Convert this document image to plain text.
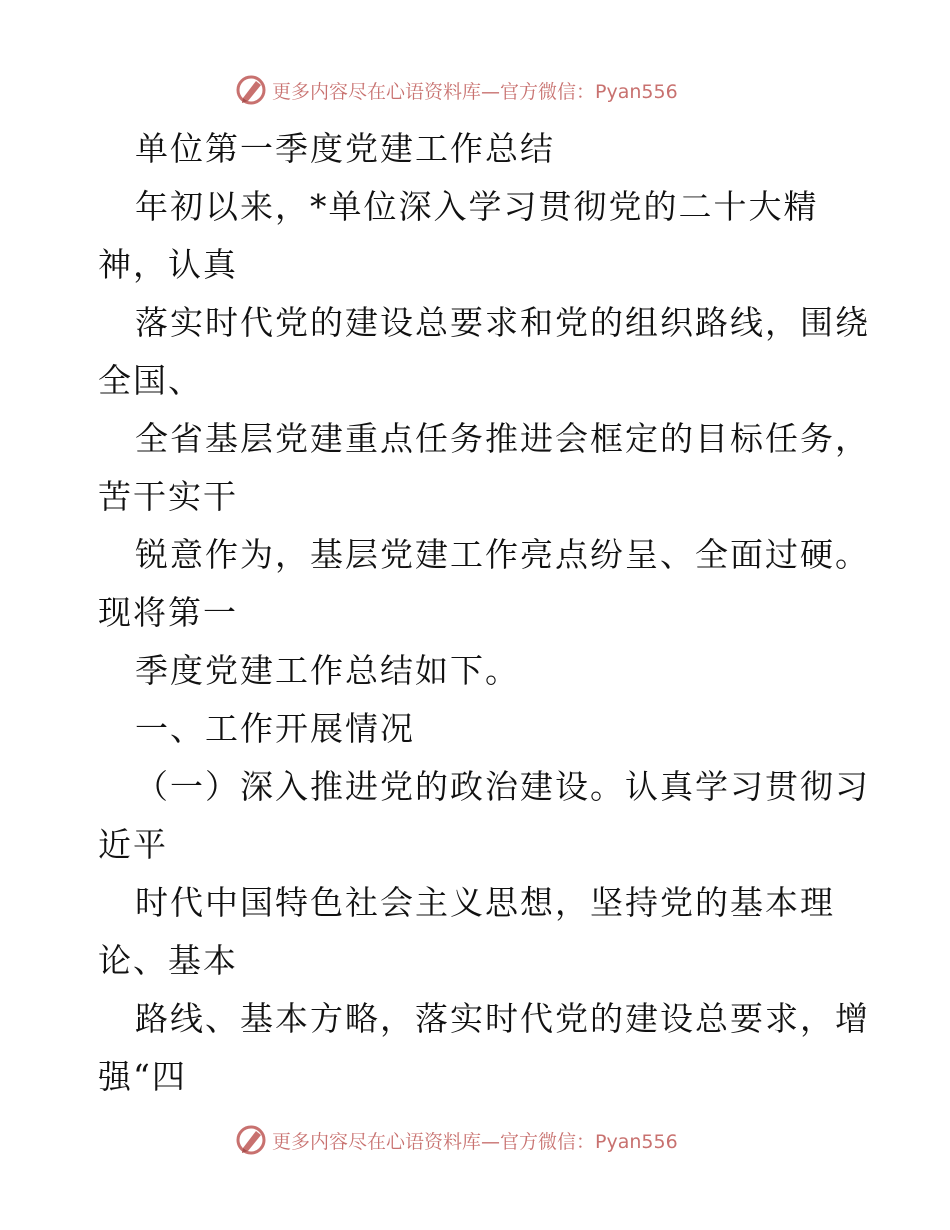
更多内容尽在心语资料库—官方微信：Pyan556
单位第一季度党建工作总结
年初以来，*单位深入学习贯彻党的二十大精
神，认真
落实时代党的建设总要求和党的组织路线，围绕
全国、
全省基层党建重点任务推进会框定的目标任务，
苦干实干
锐意作为，基层党建工作亮点纷呈、全面过硬。
现将第一
季度党建工作总结如下。
一、工作开展情况
（一）深入推进党的政治建设。认真学习贯彻习
近平
时代中国特色社会主义思想，坚持党的基本理
论、基本
路线、基本方略，落实时代党的建设总要求，增
强“四
更多内容尽在心语资料库—官方微信：Pyan556
